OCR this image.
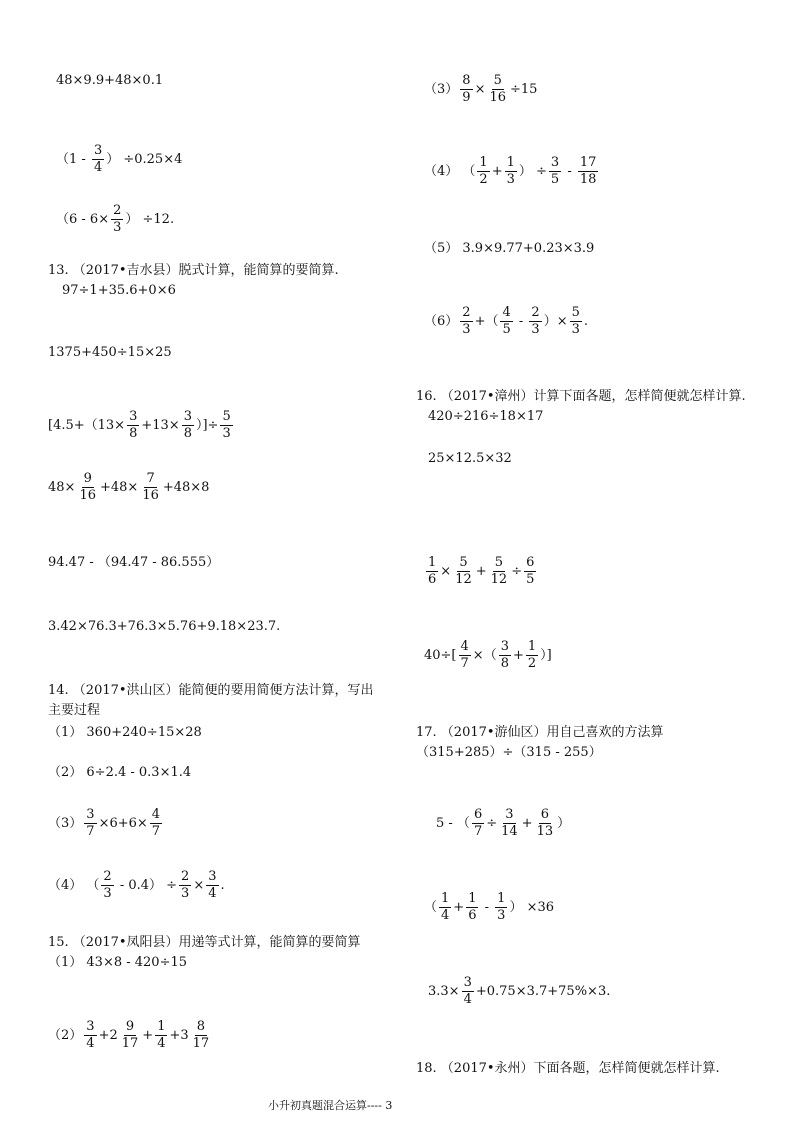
48×9.9+48×0.1
（1 -
3
4
） ÷0.25×4
（$6 - 6\times \frac{2}{3}$ ） ÷12.
13. （2017•吉水县）脱式计算，能简算的要简算.
97÷1+35.6+0×6
1375+450÷15×25
[$4.5+(13\times \frac{3}{8} +13\times \frac{3}{8}$ ）]÷ $\frac{5}{3}$
$48\times \frac{9}{16} +48\times \frac{7}{16} +48\times 8$
94.47 - （94.47 - 86.555）
3.42×76.3+76.3×5.76+9.18×23.7.
14. （2017•洪山区）能简便的要用简便方法计算，写出
主要过程
（1） 360+240÷15×28
（2） 6÷2.4 - 0.3×1.4
$(3) \frac{3}{7} \times 6+6\times \frac{4}{7}$
（4） （
2
3
- $0.4) \div \frac{2}{3} \times \frac{3}{4}$ .
15. （2017•凤阳县）用递等式计算，能简算的要简算
（1） 43×8 - 420÷15
（2）
3
4
+2
9
17
+ $\frac{1}{4} +3$
8
17
$(3) \frac{8}{9} \times \frac{5}{16} \div 15$
（4） （
1
2
+ $\frac{1}{3}$ ） ÷ $\frac{3}{5}$ -
17
18
（5） 3.9×9.77+0.23×3.9
（6）
2
3
+（
4
5
-
2
3
）× $\frac{5}{3}$ .
16. （2017•漳州）计算下面各题，怎样简便就怎样计算.
420÷216÷18×17
25×12.5×32
$\frac{1}{6} \times \frac{5}{12} + \frac{5}{12} \div \frac{6}{5}$
$40\div[ \frac{4}{7}$ ×（
3
8
+ $\frac{1}{2}$ ）]
17. （2017•游仙区）用自己喜欢的方法算
（315+285）÷（315 - 255）
5 - （ $\frac{6}{7} \div \frac{3}{14} + \frac{6}{13}$ ）
（
1
4
+ $\frac{1}{6}$ -
1
3
） ×36
$3.3\times \frac{3}{4} +0.75\times 3.7+75\%\times 3$.
18. （2017•永州）下面各题，怎样简便就怎样计算.
小升初真题混合运算---- 3
